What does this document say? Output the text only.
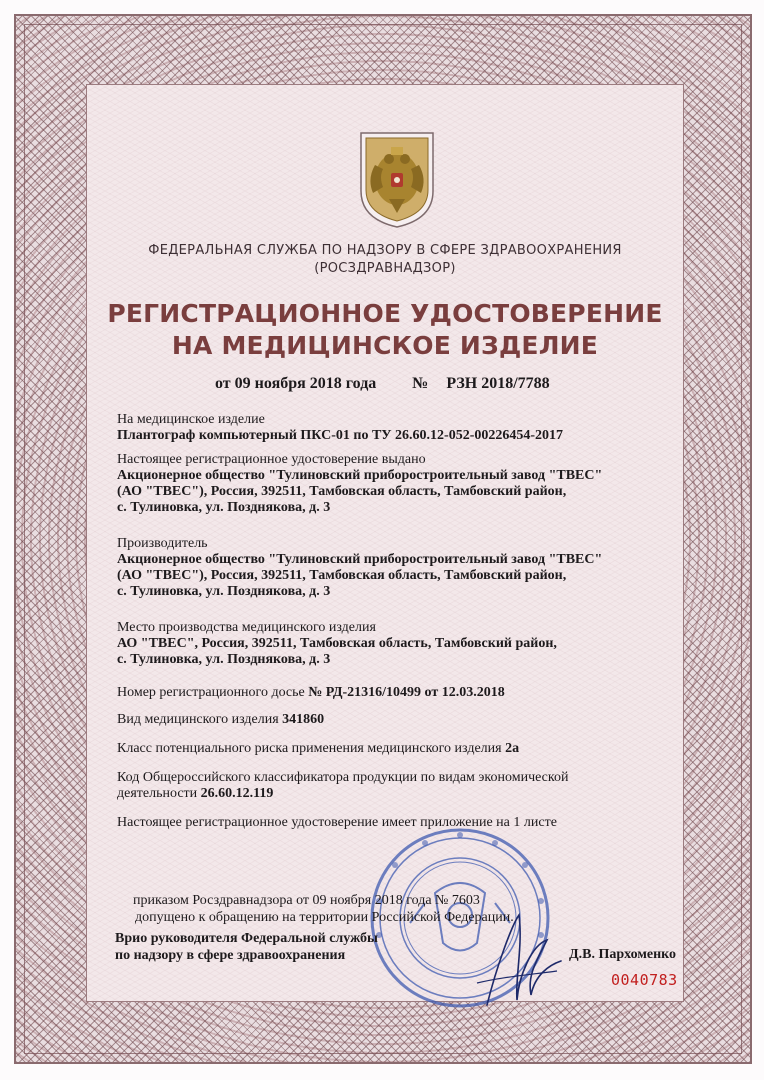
ФЕДЕРАЛЬНАЯ СЛУЖБА ПО НАДЗОРУ В СФЕРЕ ЗДРАВООХРАНЕНИЯ
(РОСЗДРАВНАДЗОР)
РЕГИСТРАЦИОННОЕ УДОСТОВЕРЕНИЕ
НА МЕДИЦИНСКОЕ ИЗДЕЛИЕ
от 09 ноября 2018 года № РЗН 2018/7788
На медицинское изделие
Плантограф компьютерный ПКС-01 по ТУ 26.60.12-052-00226454-2017
Настоящее регистрационное удостоверение выдано
Акционерное общество "Тулиновский приборостроительный завод "ТВЕС"
(АО "ТВЕС"), Россия, 392511, Тамбовская область, Тамбовский район,
с. Тулиновка, ул. Позднякова, д. 3
Производитель
Акционерное общество "Тулиновский приборостроительный завод "ТВЕС"
(АО "ТВЕС"), Россия, 392511, Тамбовская область, Тамбовский район,
с. Тулиновка, ул. Позднякова, д. 3
Место производства медицинского изделия
АО "ТВЕС", Россия, 392511, Тамбовская область, Тамбовский район,
с. Тулиновка, ул. Позднякова, д. 3
Номер регистрационного досье № РД-21316/10499 от 12.03.2018
Вид медицинского изделия 341860
Класс потенциального риска применения медицинского изделия 2а
Код Общероссийского классификатора продукции по видам экономической
деятельности 26.60.12.119
Настоящее регистрационное удостоверение имеет приложение на 1 листе
приказом Росздравнадзора от 09 ноября 2018 года № 7603
допущено к обращению на территории Российской Федерации.
Врио руководителя Федеральной службы
по надзору в сфере здравоохранения	Д.В. Пархоменко
0040783
